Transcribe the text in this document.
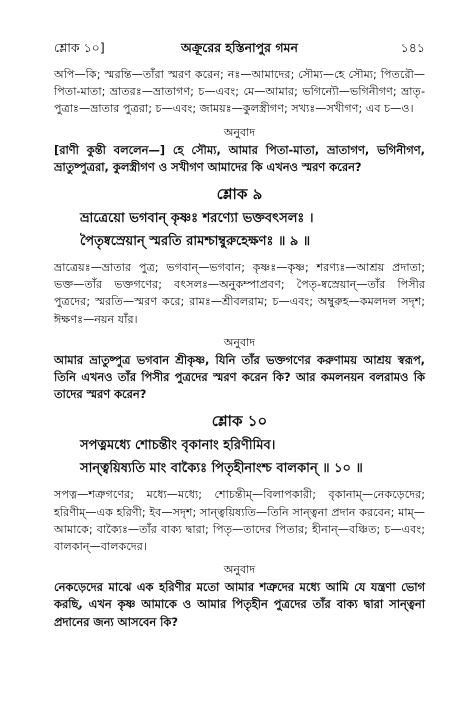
শ্লোক ১০]	অক্রূরের হস্তিনাপুর গমন	১৪১

অপি—কি; স্মরন্তি—তাঁরা স্মরণ করেন; নঃ—আমাদের; সৌম্য—হে সৌম্য; পিতরৌ—পিতা-মাতা; ভ্রাতরঃ—ভ্রাতাগণ; চ—এবং; মে—আমার; ভগিন্যৌ—ভগিনীগণ; ভ্রাতৃ-পুত্রাঃ—ভ্রাতার পুত্ররা; চ—এবং; জাময়ঃ—কুলস্ত্রীগণ; সখ্যঃ—সখীগণ; এব চ—ও।

অনুবাদ

[রাণী কুন্তী বললেন—] হে সৌম্য, আমার পিতা-মাতা, ভ্রাতাগণ, ভগিনীগণ, ভ্রাতুষ্পুত্ররা, কুলস্ত্রীগণ ও সখীগণ আমাদের কি এখনও স্মরণ করেন?

শ্লোক ৯
ভ্রাত্রেয়ো ভগবান্ কৃষ্ণঃ শরণ্যো ভক্তবৎসলঃ ।
পৈতৃষ্বস্রেয়ান্ স্মরতি রামশ্চাম্বুরুহেক্ষণঃ ॥ ৯ ॥

ভ্রাত্রেয়ঃ—ভ্রাতার পুত্র; ভগবান্—ভগবান; কৃষ্ণঃ—কৃষ্ণ; শরণ্যঃ—আশ্রয় প্রদাতা; ভক্ত—তাঁর ভক্তগণের; বৎসলঃ—অনুকম্পাপ্রবণ; পৈতৃ-ষ্বস্রেয়ান্—তাঁর পিসীর পুত্রদের; স্মরতি—স্মরণ করে; রামঃ—শ্রীবলরাম; চ—এবং; অম্বুরুহ—কমলদল সদৃশ; ঈক্ষণঃ—নয়ন যাঁর।

অনুবাদ

আমার ভ্রাতুষ্পুত্র ভগবান শ্রীকৃষ্ণ, যিনি তাঁর ভক্তগণের করুণাময় আশ্রয় স্বরূপ, তিনি এখনও তাঁর পিসীর পুত্রদের স্মরণ করেন কি? আর কমলনয়ন বলরামও কি তাদের স্মরণ করেন?

শ্লোক ১০
সপত্নমধ্যে শোচন্তীং বৃকানাং হরিণীমিব।
সান্ত্বয়িষ্যতি মাং বাক্যৈঃ পিতৃহীনাংশ্চ বালকান্ ॥ ১০ ॥

সপত্ন—শত্রুগণের; মধ্যে—মধ্যে; শোচন্তীম্—বিলাপকারী; বৃকানাম্—নেকড়েদের; হরিণীম্—এক হরিণী; ইব—সদৃশ; সান্ত্বয়িষ্যতি—তিনি সান্ত্বনা প্রদান করবেন; মাম্—আমাকে; বাক্যৈঃ—তাঁর বাক্য দ্বারা; পিতৃ—তাদের পিতার; হীনান্—বঞ্চিত; চ—এবং; বালকান্—বালকদের।

অনুবাদ

নেকড়েদের মাঝে এক হরিণীর মতো আমার শত্রুদের মধ্যে আমি যে যন্ত্রণা ভোগ করছি, এখন কৃষ্ণ আমাকে ও আমার পিতৃহীন পুত্রদের তাঁর বাক্য দ্বারা সান্ত্বনা প্রদানের জন্য আসবেন কি?
